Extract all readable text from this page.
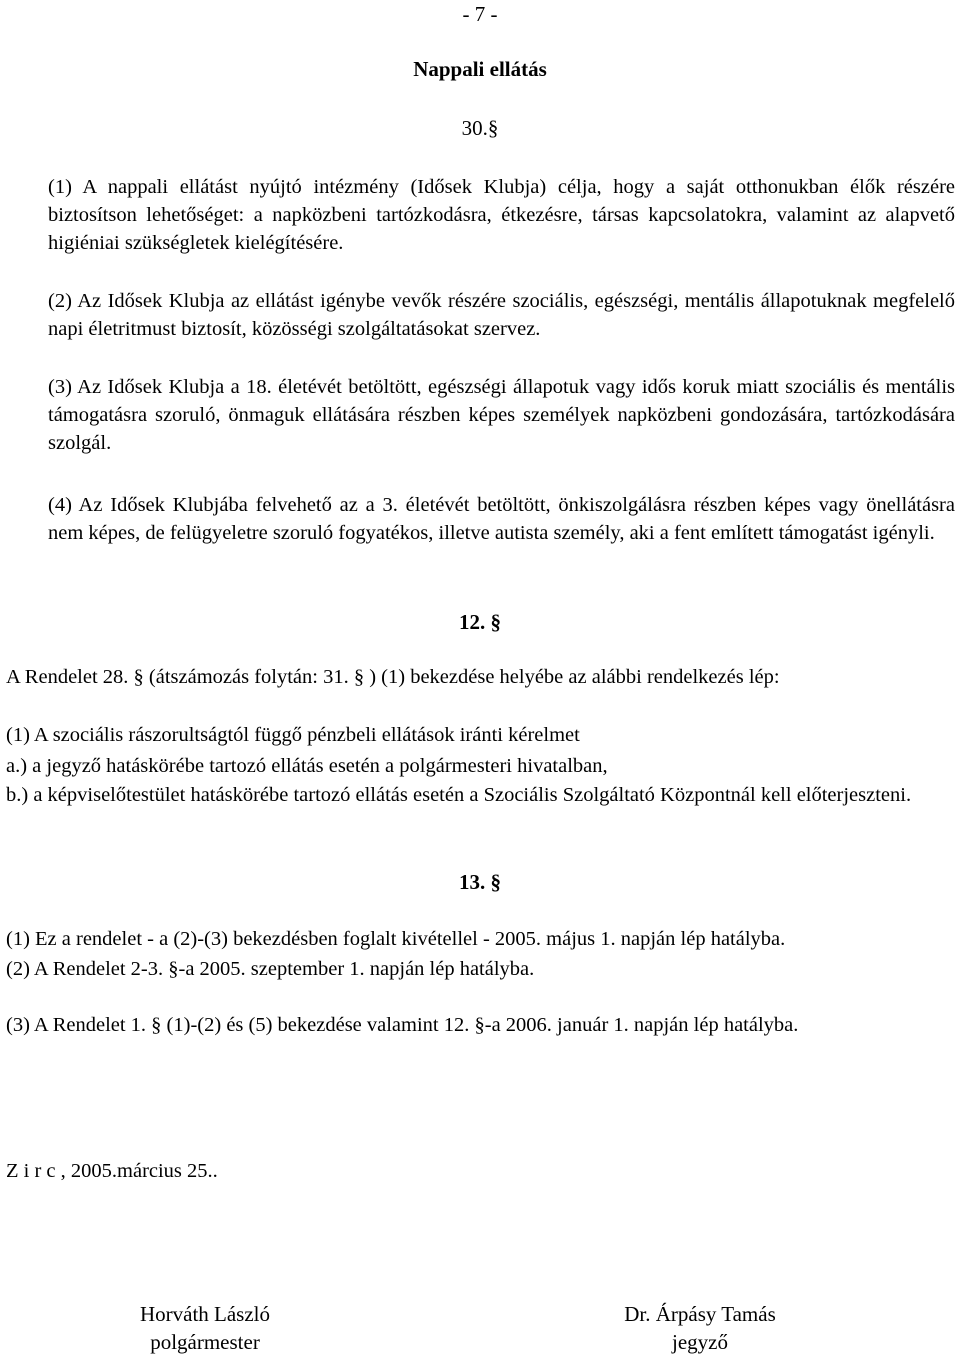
- 7 -
Nappali ellátás
30.§

(1) A nappali ellátást nyújtó intézmény (Idősek Klubja) célja, hogy a saját otthonukban élők részére biztosítson lehetőséget: a napközbeni tartózkodásra, étkezésre, társas kapcsolatokra, valamint az alapvető higiéniai szükségletek kielégítésére.

(2) Az Idősek Klubja az ellátást igénybe vevők részére szociális, egészségi, mentális állapotuknak megfelelő napi életritmust biztosít, közösségi szolgáltatásokat szervez.

(3) Az Idősek Klubja a 18. életévét betöltött, egészségi állapotuk vagy idős koruk miatt szociális és mentális támogatásra szoruló, önmaguk ellátására részben képes személyek napközbeni gondozására, tartózkodására szolgál.

(4) Az Idősek Klubjába felvehető az a 3. életévét betöltött, önkiszolgálásra részben képes vagy önellátásra nem képes, de felügyeletre szoruló fogyatékos, illetve autista személy, aki a fent említett támogatást igényli.

12. §

A Rendelet 28. § (átszámozás folytán: 31. § ) (1) bekezdése helyébe az alábbi rendelkezés lép:

(1) A szociális rászorultságtól függő pénzbeli ellátások iránti kérelmet

a.) a jegyző hatáskörébe tartozó ellátás esetén a polgármesteri hivatalban,

b.) a képviselőtestület hatáskörébe tartozó ellátás esetén a Szociális Szolgáltató Központnál kell előterjeszteni.

13. §

(1) Ez a rendelet - a (2)-(3) bekezdésben foglalt kivétellel - 2005. május 1. napján lép hatályba.

(2) A Rendelet 2-3. §-a 2005. szeptember 1. napján lép hatályba.

(3) A Rendelet 1. § (1)-(2) és (5) bekezdése valamint 12. §-a 2006. január 1. napján lép hatályba.

Z i r c , 2005.március 25..
Horváth László
polgármester
Dr. Árpásy Tamás
jegyző
